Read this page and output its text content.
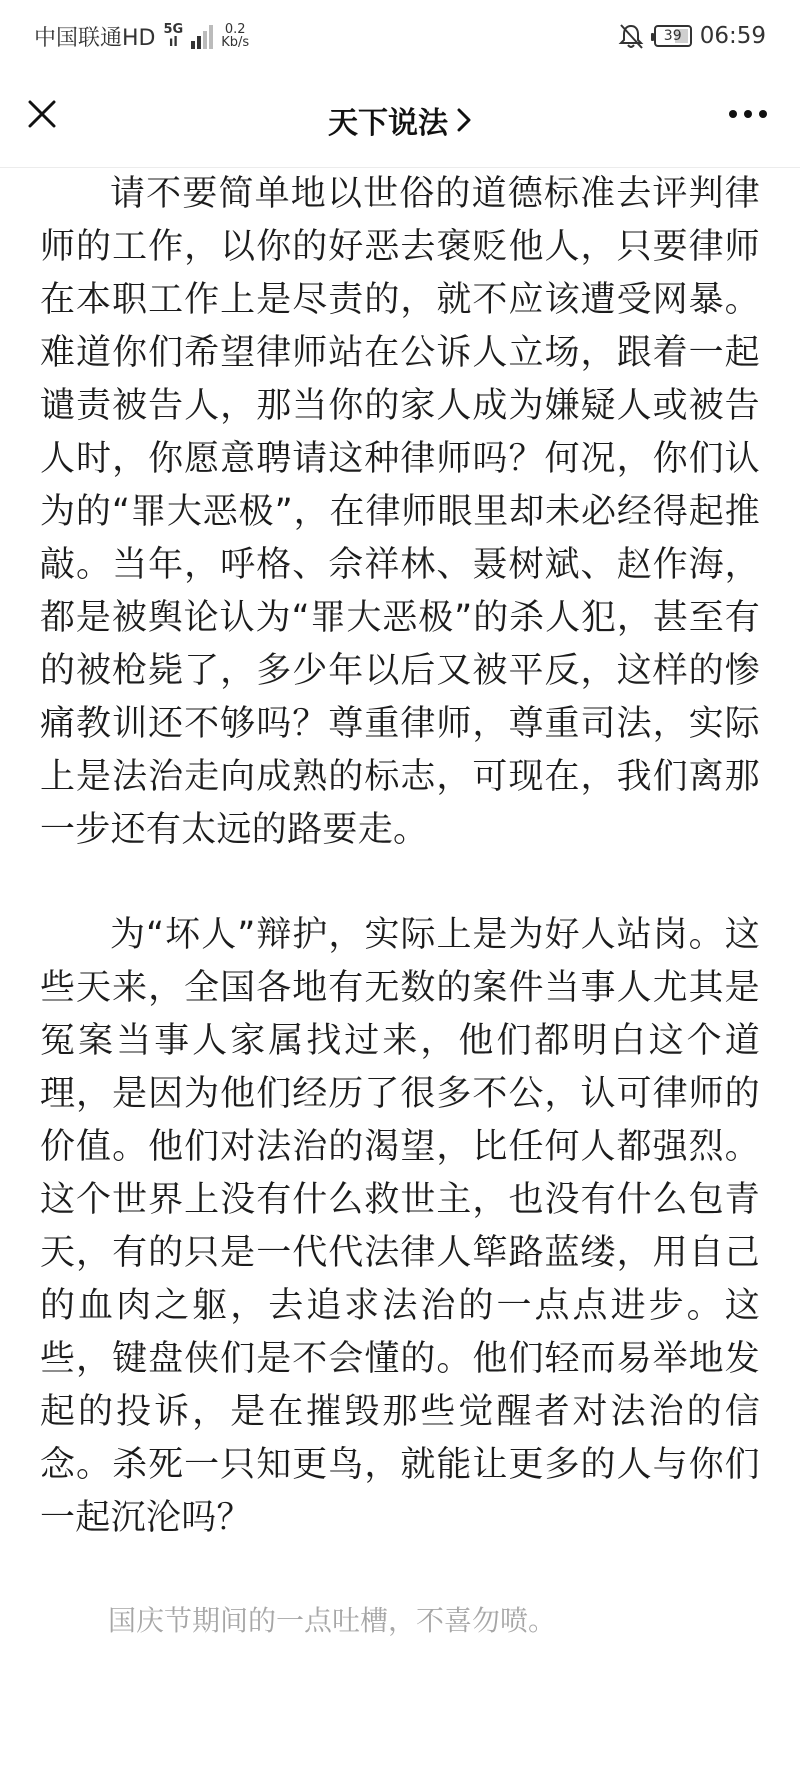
中国联通HD 5G
ıl
0.2
Kb/s	39 06:59
天下说法

请不要简单地以世俗的道德标准去评判律师的工作，以你的好恶去褒贬他人，只要律师在本职工作上是尽责的，就不应该遭受网暴。难道你们希望律师站在公诉人立场，跟着一起谴责被告人，那当你的家人成为嫌疑人或被告人时，你愿意聘请这种律师吗？何况，你们认为的“罪大恶极”，在律师眼里却未必经得起推敲。当年，呼格、佘祥林、聂树斌、赵作海，都是被舆论认为“罪大恶极”的杀人犯，甚至有的被枪毙了，多少年以后又被平反，这样的惨痛教训还不够吗？尊重律师，尊重司法，实际上是法治走向成熟的标志，可现在，我们离那一步还有太远的路要走。

为“坏人”辩护，实际上是为好人站岗。这些天来，全国各地有无数的案件当事人尤其是冤案当事人家属找过来，他们都明白这个道理，是因为他们经历了很多不公，认可律师的价值。他们对法治的渴望，比任何人都强烈。这个世界上没有什么救世主，也没有什么包青天，有的只是一代代法律人筚路蓝缕，用自己的血肉之躯，去追求法治的一点点进步。这些，键盘侠们是不会懂的。他们轻而易举地发起的投诉，是在摧毁那些觉醒者对法治的信念。杀死一只知更鸟，就能让更多的人与你们一起沉沦吗？

国庆节期间的一点吐槽，不喜勿喷。
